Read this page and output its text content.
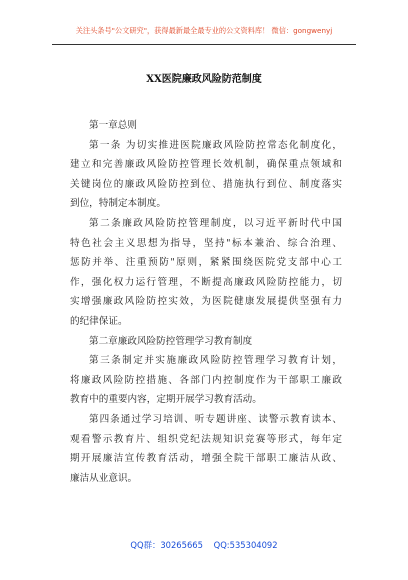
关注头条号"公文研究"，获得最新最全最专业的公文资料库！ 微信：gongwenyj
XX医院廉政风险防范制度
第一章总则
第一条 为切实推进医院廉政风险防控常态化制度化，
建立和完善廉政风险防控管理长效机制，确保重点领域和
关键岗位的廉政风险防控到位、措施执行到位、制度落实
到位，特制定本制度。
第二条廉政风险防控管理制度，以习近平新时代中国
特色社会主义思想为指导，坚持"标本兼治、综合治理、
惩防并举、注重预防"原则，紧紧围绕医院党支部中心工
作，强化权力运行管理，不断提高廉政风险防控能力，切
实增强廉政风险防控实效，为医院健康发展提供坚强有力
的纪律保证。
第二章廉政风险防控管理学习教育制度
第三条制定并实施廉政风险防控管理学习教育计划，
将廉政风险防控措施、各部门内控制度作为干部职工廉政
教育中的重要内容，定期开展学习教育活动。
第四条通过学习培训、听专题讲座、读警示教育读本、
观看警示教育片、组织党纪法规知识竞赛等形式，每年定
期开展廉洁宣传教育活动，增强全院干部职工廉洁从政、
廉洁从业意识。
QQ群：30265665 QQ:535304092
